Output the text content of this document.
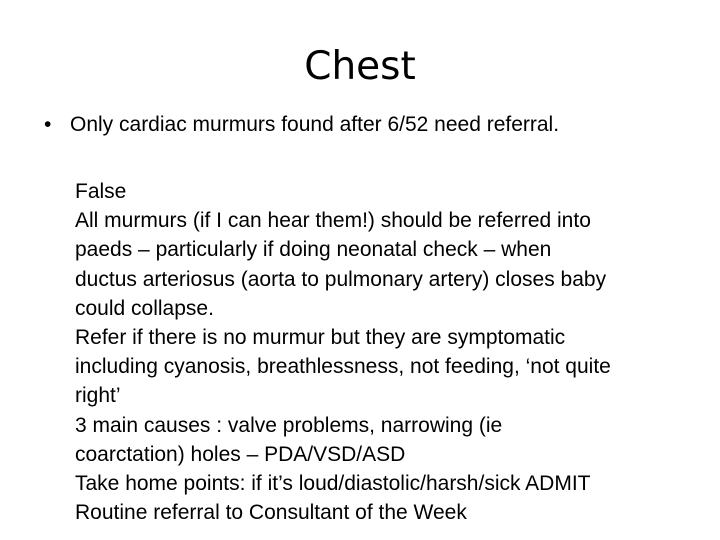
Chest
• Only cardiac murmurs found after 6/52 need referral.
False
All murmurs (if I can hear them!) should be referred into
paeds – particularly if doing neonatal check – when
ductus arteriosus (aorta to pulmonary artery) closes baby
could collapse.
Refer if there is no murmur but they are symptomatic
including cyanosis, breathlessness, not feeding, ‘not quite
right’
3 main causes : valve problems, narrowing (ie
coarctation) holes – PDA/VSD/ASD
Take home points: if it’s loud/diastolic/harsh/sick ADMIT
Routine referral to Consultant of the Week
